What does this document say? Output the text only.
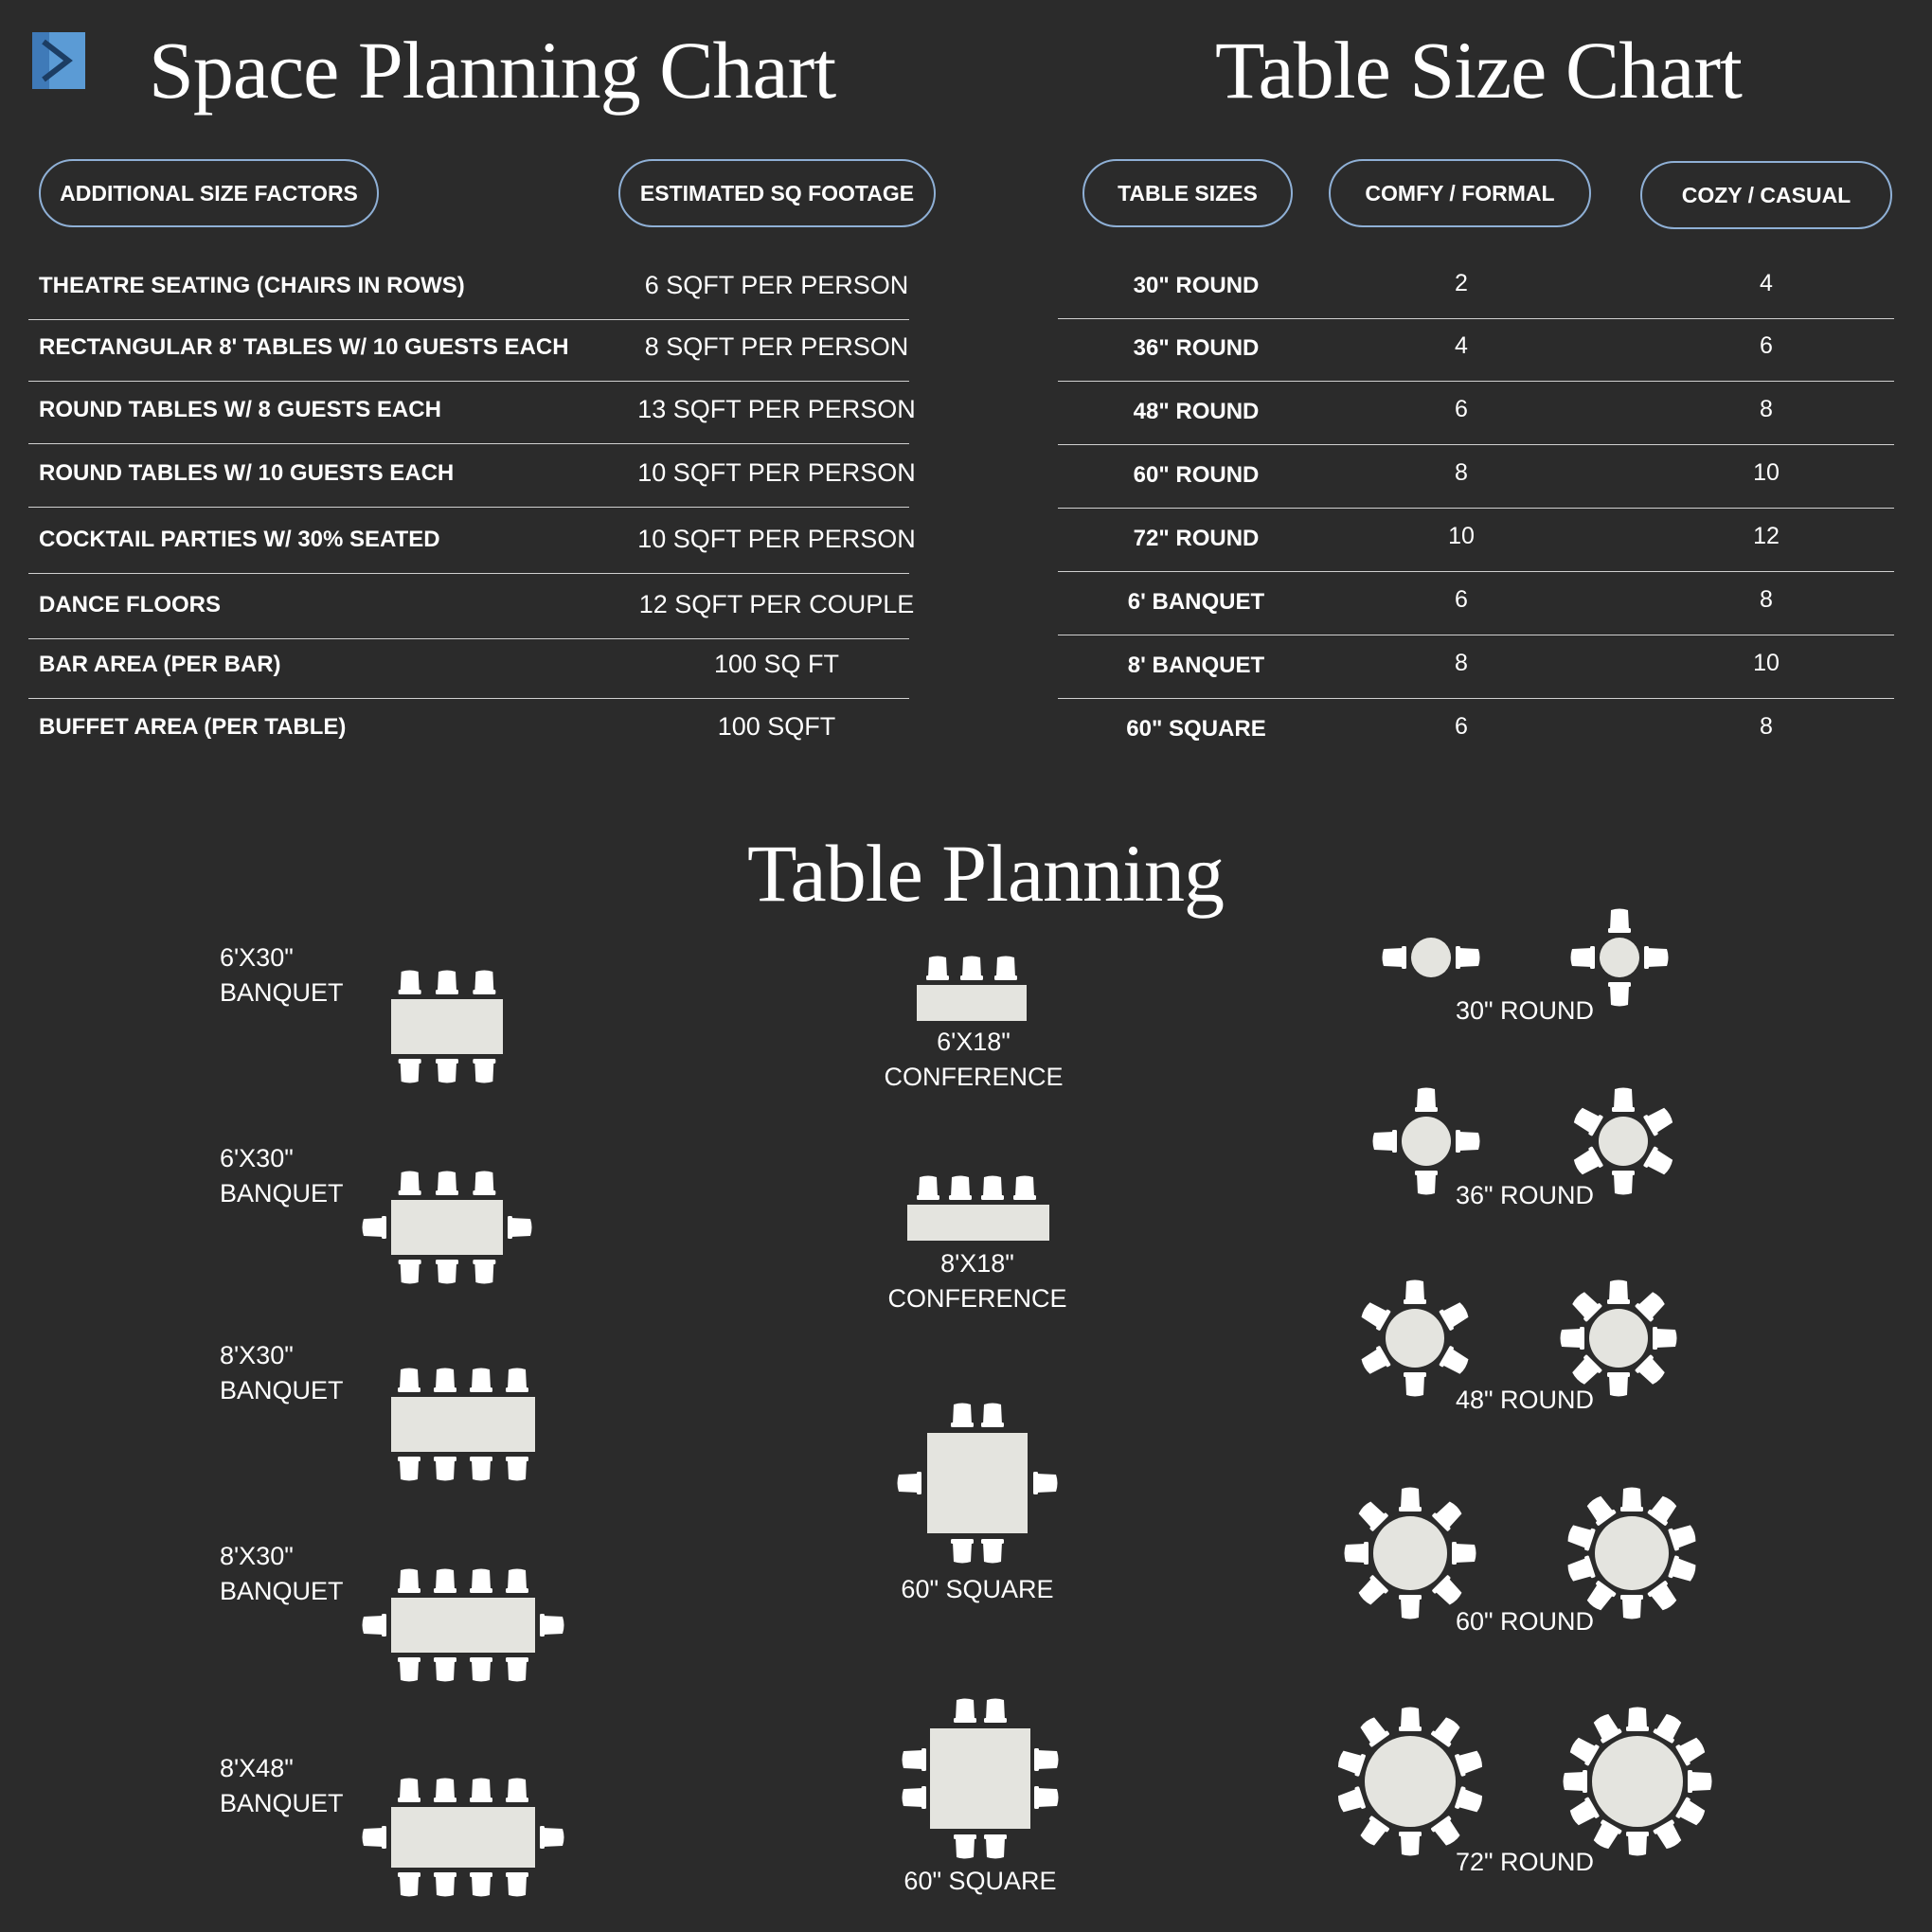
Space Planning Chart
ADDITIONAL SIZE FACTORS	ESTIMATED SQ FOOTAGE
THEATRE SEATING (CHAIRS IN ROWS)	6 SQFT PER PERSON
RECTANGULAR 8' TABLES W/ 10 GUESTS EACH	8 SQFT PER PERSON
ROUND TABLES W/ 8 GUESTS EACH	13 SQFT PER PERSON
ROUND TABLES W/ 10 GUESTS EACH	10 SQFT PER PERSON
COCKTAIL PARTIES W/ 30% SEATED	10 SQFT PER PERSON
DANCE FLOORS	12 SQFT PER COUPLE
BAR AREA (PER BAR)	100 SQ FT
BUFFET AREA (PER TABLE)	100 SQFT
Table Size Chart
TABLE SIZES	COMFY / FORMAL	COZY / CASUAL
30" ROUND	2	4
36" ROUND	4	6
48" ROUND	6	8
60" ROUND	8	10
72" ROUND	10	12
6' BANQUET	6	8
8' BANQUET	8	10
60" SQUARE	6	8
Table Planning
6'X30"
BANQUET
6'X30"
BANQUET
8'X30"
BANQUET
8'X30"
BANQUET
8'X48"
BANQUET
6'X18"
CONFERENCE
8'X18"
CONFERENCE
60" SQUARE
60" SQUARE
30" ROUND
36" ROUND
48" ROUND
60" ROUND
72" ROUND
